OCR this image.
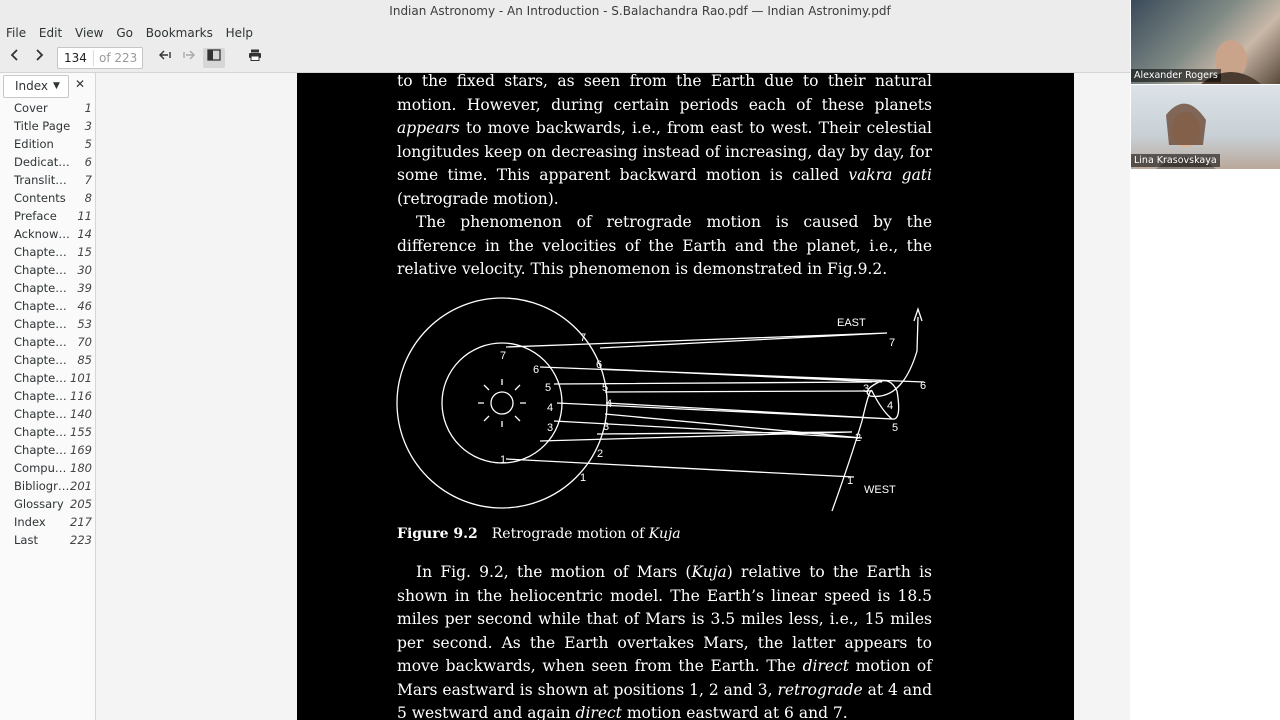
Indian Astronomy - An Introduction - S.Balachandra Rao.pdf — Indian Astronimy.pdf
File Edit View Go Bookmarks Help
134 of 223
Index ▼ ✕
Cover	1
Title Page 3
Edition	5
Dedicat… 6
Translit… 7
Contents 8
Preface 11
Acknow… 14
Chapte… 15
Chapte… 30
Chapte… 39
Chapte… 46
Chapte… 53
Chapte… 70
Chapte… 85
Chapte… 101
Chapte… 116
Chapte… 140
Chapte… 155
Chapte… 169
Compu… 180
Bibliogr… 201
Glossary 205
Index 217
Last	223
to the fixed stars, as seen from the Earth due to their natural motion. However, during certain periods each of these planets appears to move backwards, i.e., from east to west. Their celestial longitudes keep on decreasing instead of increasing, day by day, for some time. This apparent backward motion is called vakra gati (retrograde motion).
The phenomenon of retrograde motion is caused by the difference in the velocities of the Earth and the planet, i.e., the relative velocity. This phenomenon is demonstrated in Fig.9.2.
EAST
WEST
1
3
4
5
6
7
1
2
3
4
5
6
7
1
2
3
4
5
6
7
Figure 9.2 Retrograde motion of Kuja
In Fig. 9.2, the motion of Mars (Kuja) relative to the Earth is shown in the heliocentric model. The Earth’s linear speed is 18.5 miles per second while that of Mars is 3.5 miles less, i.e., 15 miles per second. As the Earth overtakes Mars, the latter appears to move backwards, when seen from the Earth. The direct motion of Mars eastward is shown at positions 1, 2 and 3, retrograde at 4 and 5 westward and again direct motion eastward at 6 and 7.
Alexander Rogers
Lina Krasovskaya
